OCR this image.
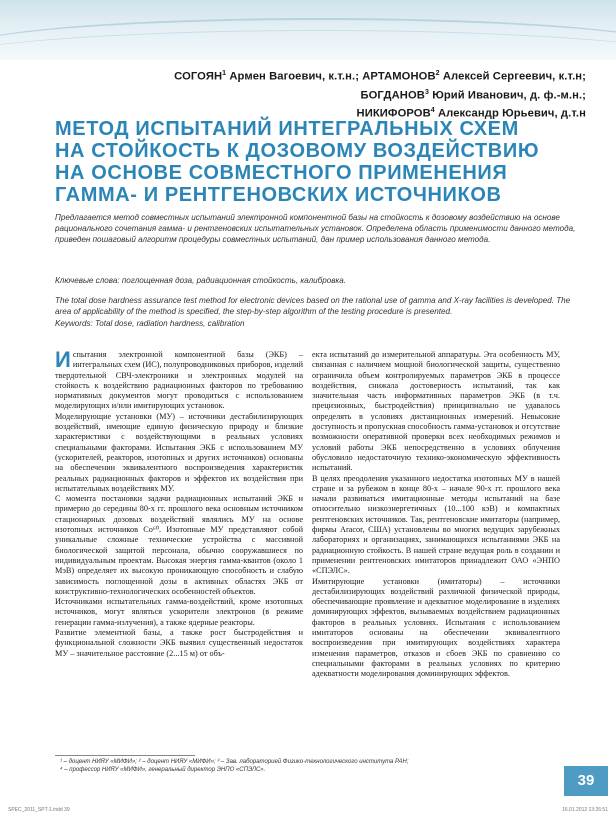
СОГОЯН$^1$ Армен Вагоевич, к.т.н.; АРТАМОНОВ$^2$ Алексей Сергеевич, к.т.н;
БОГДАНОВ$^3$ Юрий Иванович, д. ф.-м.н.;
НИКИФОРОВ$^4$ Александр Юрьевич, д.т.н
МЕТОД ИСПЫТАНИЙ ИНТЕГРАЛЬНЫХ СХЕМ
НА СТОЙКОСТЬ К ДОЗОВОМУ ВОЗДЕЙСТВИЮ
НА ОСНОВЕ СОВМЕСТНОГО ПРИМЕНЕНИЯ
ГАММА- И РЕНТГЕНОВСКИХ ИСТОЧНИКОВ

Предлагается метод совместных испытаний электронной компонентной базы на стойкость к дозовому воздействию на основе рационального сочетания гамма- и рентгеновских испытательных установок. Определена область применимости данного метода, приведен пошаговый алгоритм процедуры совместных испытаний, дан пример использования данного метода.

Ключевые слова: поглощенная доза, радиационная стойкость, калибровка.

The total dose hardness assurance test method for electronic devices based on the rational use of gamma and X-ray facilities is developed. The area of applicability of the method is specified, the step-by-step algorithm of the testing procedure is presented.

Keywords: Total dose, radiation hardness, calibration

Испытания электронной компонентной базы (ЭКБ) – интегральных схем (ИС), полупроводниковых приборов, изделий твердотельной СВЧ-электроники и электронных модулей на стойкость к воздействию радиационных факторов по требованию нормативных документов могут проводиться с использованием моделирующих и/или имитирующих установок.

Моделирующие установки (МУ) – источники дестабилизирующих воздействий, имеющие единую физическую природу и близкие характеристики с воздействующими в реальных условиях специальными факторами. Испытания ЭКБ с использованием МУ (ускорителей, реакторов, изотопных и других источников) основаны на обеспечении эквивалентного воспроизведения характеристик реальных радиационных факторов и эффектов их воздействия при испытательных воздействиях МУ.

С момента постановки задачи радиационных испытаний ЭКБ и примерно до середины 80-х гг. прошлого века основным источником стационарных дозовых воздействий являлись МУ на основе изотопных источников Co⁶⁰. Изотопные МУ представляют собой уникальные сложные технические устройства с массивной биологической защитой персонала, обычно сооружавшиеся по индивидуальным проектам. Высокая энергия гамма-квантов (около 1 МэВ) определяет их высокую проникающую способность и слабую зависимость поглощенной дозы в активных областях ЭКБ от конструктивно-технологических особенностей объектов.

Источниками испытательных гамма-воздействий, кроме изотопных источников, могут являться ускорители электронов (в режиме генерации гамма-излучения), а также ядерные реакторы.

Развитие элементной базы, а также рост быстродействия и функциональной сложности ЭКБ выявил существенный недостаток МУ – значительное расстояние (2...15 м) от объ-

екта испытаний до измерительной аппаратуры. Эта особенность МУ, связанная с наличием мощной биологической защиты, существенно ограничила объем контролируемых параметров ЭКБ в процессе воздействия, снижала достоверность испытаний, так как значительная часть информативных параметров ЭКБ (в т.ч. прецизионных, быстродействия) принципиально не удавалось определять в условиях дистанционных измерений. Невысокие доступность и пропускная способность гамма-установок и отсутствие возможности оперативной проверки всех необходимых режимов и условий работы ЭКБ непосредственно в условиях облучения обусловило недостаточную технико-экономическую эффективность испытаний.

В целях преодоления указанного недостатка изотопных МУ в нашей стране и за рубежом в конце 80-х – начале 90-х гг. прошлого века начали развиваться имитационные методы испытаний на базе относительно низкоэнергетичных (10...100 кэВ) и компактных рентгеновских источников. Так, рентгеновские имитаторы (например, фирмы Aracor, США) установлены во многих ведущих зарубежных лабораториях и организациях, занимающихся испытаниями ЭКБ на радиационную стойкость. В нашей стране ведущая роль в создании и применении рентгеновских имитаторов принадлежит ОАО «ЭНПО «СПЭЛС».

Имитирующие установки (имитаторы) – источники дестабилизирующих воздействий различной физической природы, обеспечивающие проявление и адекватное моделирование в изделиях доминирующих эффектов, вызываемых воздействием радиационных факторов в реальных условиях. Испытания с использованием имитаторов основаны на обеспечении эквивалентного воспроизведения при имитирующих воздействиях характера изменения параметров, отказов и сбоев ЭКБ по сравнению со специальными факторами в реальных условиях по критерию адекватности моделирования доминирующих эффектов.

¹ – доцент НИЯУ «МИФИ»; ² – доцент НИЯУ «МИФИ»; ³ – Зав. лабораторией Физико-технологического института РАН;

⁴ – профессор НИЯУ «МИФИ», генеральный директор ЭНПО «СПЭЛС».

39
SPEC_2011_SPT-1.indd 39	16.01.2012 13:26:51
